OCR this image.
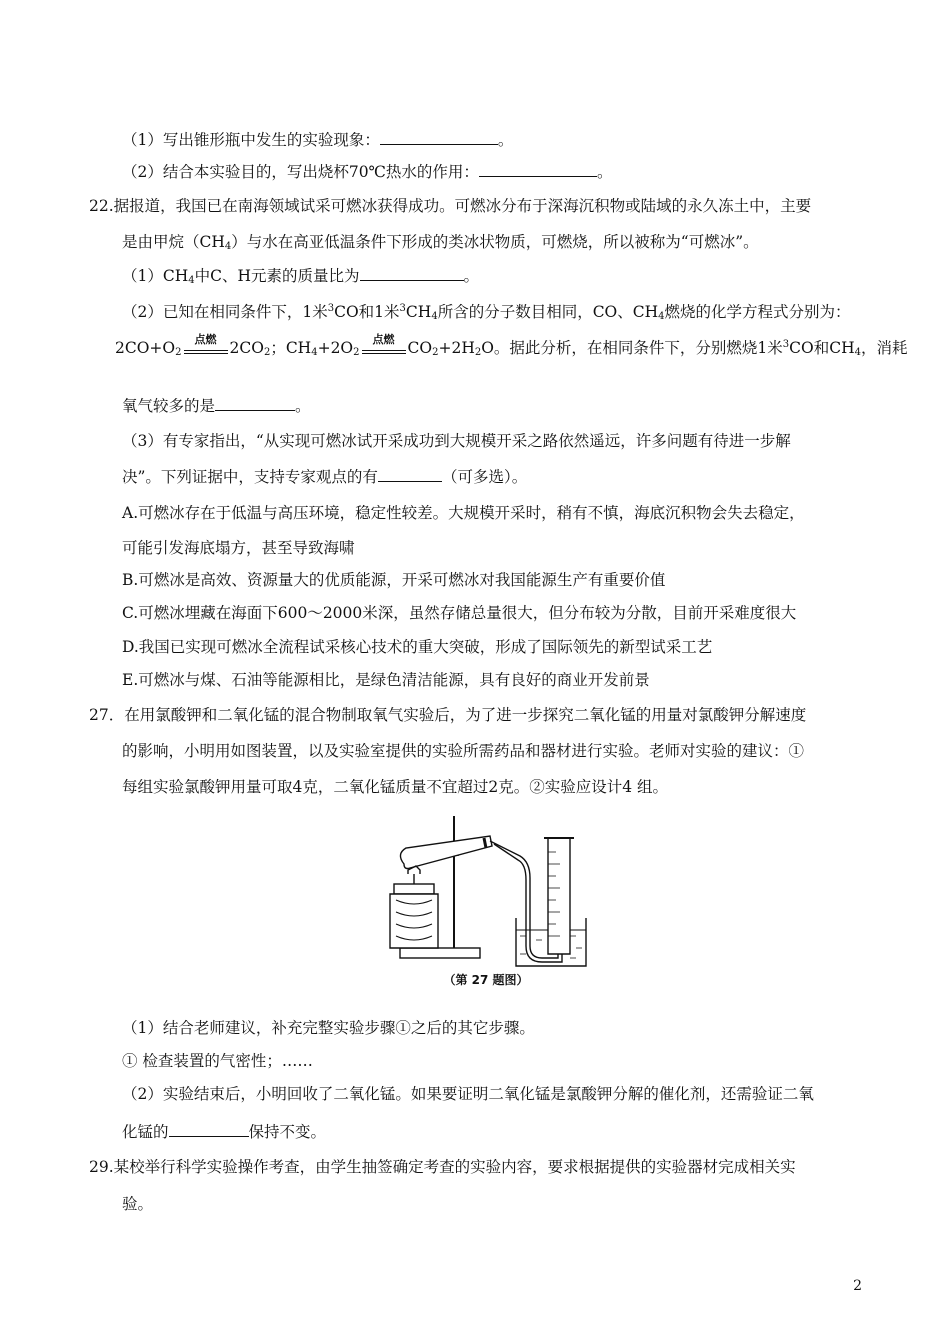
（1）写出锥形瓶中发生的实验现象：	。
（2）结合本实验目的，写出烧杯70℃热水的作用：	。
22.据报道，我国已在南海领域试采可燃冰获得成功。可燃冰分布于深海沉积物或陆域的永久冻土中，主要
是由甲烷$(CH_4)$与水在高亚低温条件下形成的类冰状物质，可燃烧，所以被称为“可燃冰”。
$(1)CH_4$中C、H元素的质量比为	。
（2）已知在相同条件下，1米$^3$CO和1米$^3CH_4$所含的分子数目相同，CO、$CH_4$燃烧的化学方程式分别为：
$2CO+O_2$
点燃 $2CO_2$；$CH_4+2O_2$
点燃 $CO_2+2H_2O$。据此分析，在相同条件下，分别燃烧1米$^3$CO和$CH_4$，消耗
氧气较多的是	。
（3）有专家指出，“从实现可燃冰试开采成功到大规模开采之路依然遥远，许多问题有待进一步解
决”。下列证据中，支持专家观点的有	（可多选）。
A.可燃冰存在于低温与高压环境，稳定性较差。大规模开采时，稍有不慎，海底沉积物会失去稳定，
可能引发海底塌方，甚至导致海啸
B.可燃冰是高效、资源量大的优质能源，开采可燃冰对我国能源生产有重要价值
C.可燃冰埋藏在海面下600～2000米深，虽然存储总量很大，但分布较为分散，目前开采难度很大
D.我国已实现可燃冰全流程试采核心技术的重大突破，形成了国际领先的新型试采工艺
E.可燃冰与煤、石油等能源相比，是绿色清洁能源，具有良好的商业开发前景
27．在用氯酸钾和二氧化锰的混合物制取氧气实验后，为了进一步探究二氧化锰的用量对氯酸钾分解速度
的影响，小明用如图装置，以及实验室提供的实验所需药品和器材进行实验。老师对实验的建议：①
每组实验氯酸钾用量可取4克，二氧化锰质量不宜超过2克。②实验应设计4 组。
（第 27 题图）
（1）结合老师建议，补充完整实验步骤①之后的其它步骤。
① 检查装置的气密性；……
（2）实验结束后，小明回收了二氧化锰。如果要证明二氧化锰是氯酸钾分解的催化剂，还需验证二氧
化锰的	保持不变。
29.某校举行科学实验操作考查，由学生抽签确定考查的实验内容，要求根据提供的实验器材完成相关实
验。
2
